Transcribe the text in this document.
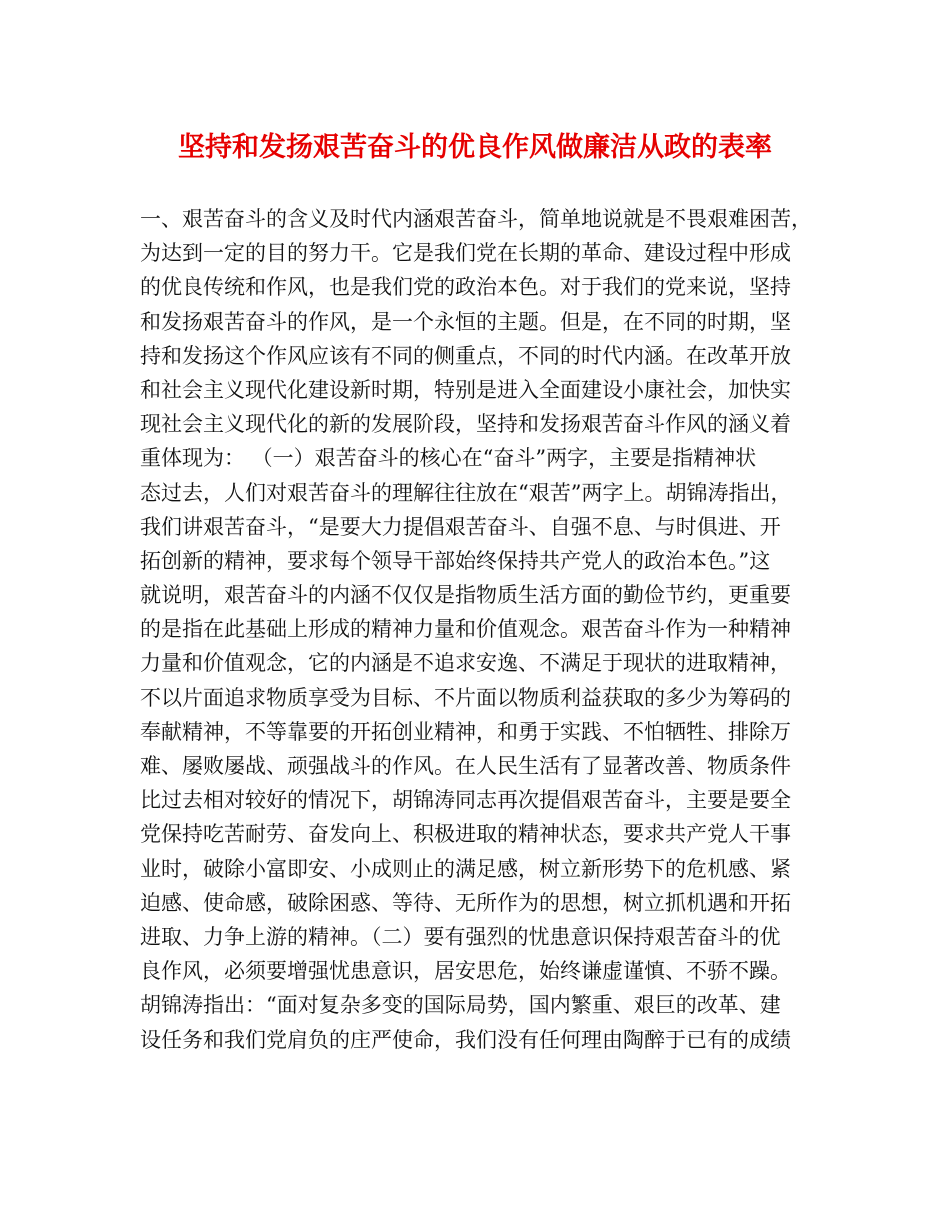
坚持和发扬艰苦奋斗的优良作风做廉洁从政的表率
一、艰苦奋斗的含义及时代内涵艰苦奋斗，简单地说就是不畏艰难困苦，
为达到一定的目的努力干。它是我们党在长期的革命、建设过程中形成
的优良传统和作风，也是我们党的政治本色。对于我们的党来说，坚持
和发扬艰苦奋斗的作风，是一个永恒的主题。但是，在不同的时期，坚
持和发扬这个作风应该有不同的侧重点，不同的时代内涵。在改革开放
和社会主义现代化建设新时期，特别是进入全面建设小康社会，加快实
现社会主义现代化的新的发展阶段，坚持和发扬艰苦奋斗作风的涵义着
重体现为： （一）艰苦奋斗的核心在“奋斗”两字，主要是指精神状
态过去，人们对艰苦奋斗的理解往往放在“艰苦”两字上。胡锦涛指出，
我们讲艰苦奋斗，“是要大力提倡艰苦奋斗、自强不息、与时俱进、开
拓创新的精神，要求每个领导干部始终保持共产党人的政治本色。”这
就说明，艰苦奋斗的内涵不仅仅是指物质生活方面的勤俭节约，更重要
的是指在此基础上形成的精神力量和价值观念。艰苦奋斗作为一种精神
力量和价值观念，它的内涵是不追求安逸、不满足于现状的进取精神，
不以片面追求物质享受为目标、不片面以物质利益获取的多少为筹码的
奉献精神，不等靠要的开拓创业精神，和勇于实践、不怕牺牲、排除万
难、屡败屡战、顽强战斗的作风。在人民生活有了显著改善、物质条件
比过去相对较好的情况下，胡锦涛同志再次提倡艰苦奋斗，主要是要全
党保持吃苦耐劳、奋发向上、积极进取的精神状态，要求共产党人干事
业时，破除小富即安、小成则止的满足感，树立新形势下的危机感、紧
迫感、使命感，破除困惑、等待、无所作为的思想，树立抓机遇和开拓
进取、力争上游的精神。（二）要有强烈的忧患意识保持艰苦奋斗的优
良作风，必须要增强忧患意识，居安思危，始终谦虚谨慎、不骄不躁。
胡锦涛指出：“面对复杂多变的国际局势，国内繁重、艰巨的改革、建
设任务和我们党肩负的庄严使命，我们没有任何理由陶醉于已有的成绩
